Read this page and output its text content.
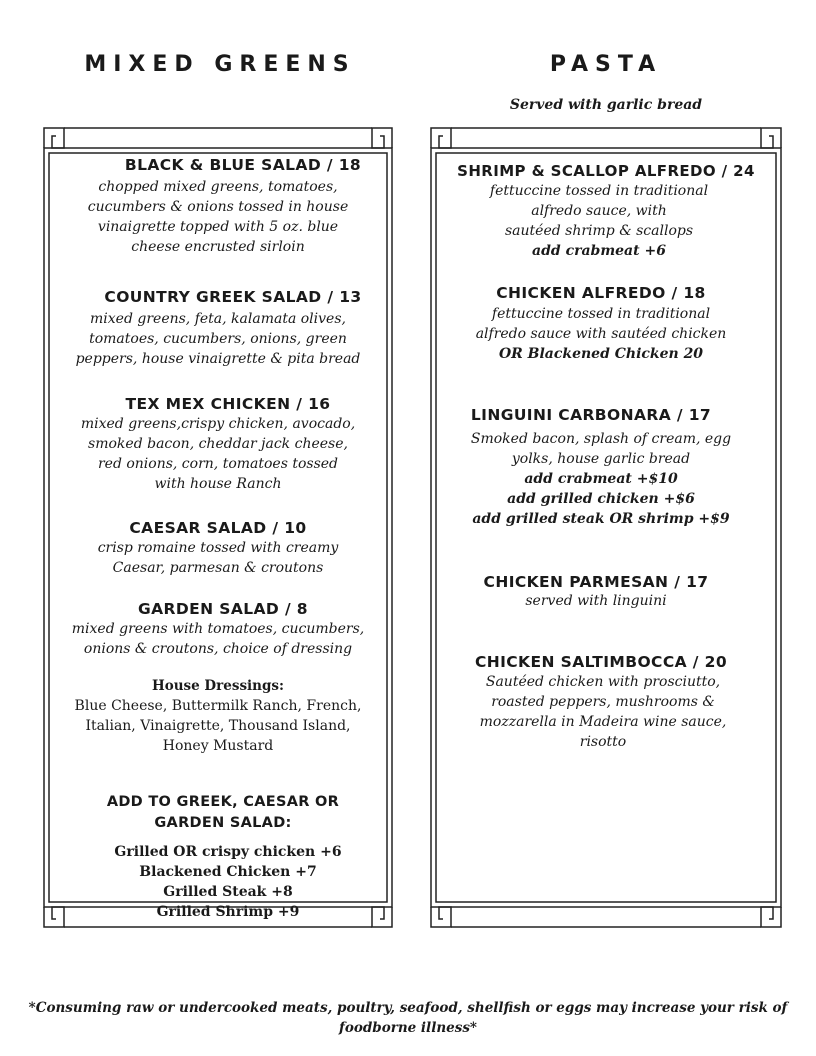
MIXED GREENS	PASTA
Served with garlic bread
BLACK & BLUE SALAD / 18
chopped mixed greens, tomatoes,
cucumbers & onions tossed in house
vinaigrette topped with 5 oz. blue
cheese encrusted sirloin
COUNTRY GREEK SALAD / 13
mixed greens, feta, kalamata olives,
tomatoes, cucumbers, onions, green
peppers, house vinaigrette & pita bread
TEX MEX CHICKEN / 16
mixed greens,crispy chicken, avocado,
smoked bacon, cheddar jack cheese,
red onions, corn, tomatoes tossed
with house Ranch
CAESAR SALAD / 10
crisp romaine tossed with creamy
Caesar, parmesan & croutons
GARDEN SALAD / 8
mixed greens with tomatoes, cucumbers,
onions & croutons, choice of dressing
House Dressings:
Blue Cheese, Buttermilk Ranch, French,
Italian, Vinaigrette, Thousand Island,
Honey Mustard
ADD TO GREEK, CAESAR OR
GARDEN SALAD:
Grilled OR crispy chicken +6
Blackened Chicken +7
Grilled Steak +8
Grilled Shrimp +9
SHRIMP & SCALLOP ALFREDO / 24
fettuccine tossed in traditional
alfredo sauce, with
sautéed shrimp & scallops
add crabmeat +6
CHICKEN ALFREDO / 18
fettuccine tossed in traditional
alfredo sauce with sautéed chicken
OR Blackened Chicken 20
LINGUINI CARBONARA / 17
Smoked bacon, splash of cream, egg
yolks, house garlic bread
add crabmeat +$10
add grilled chicken +$6
add grilled steak OR shrimp +$9
CHICKEN PARMESAN / 17
served with linguini
CHICKEN SALTIMBOCCA / 20
Sautéed chicken with prosciutto,
roasted peppers, mushrooms &
mozzarella in Madeira wine sauce,
risotto
*Consuming raw or undercooked meats, poultry, seafood, shellfish or eggs may increase your risk of
foodborne illness*
